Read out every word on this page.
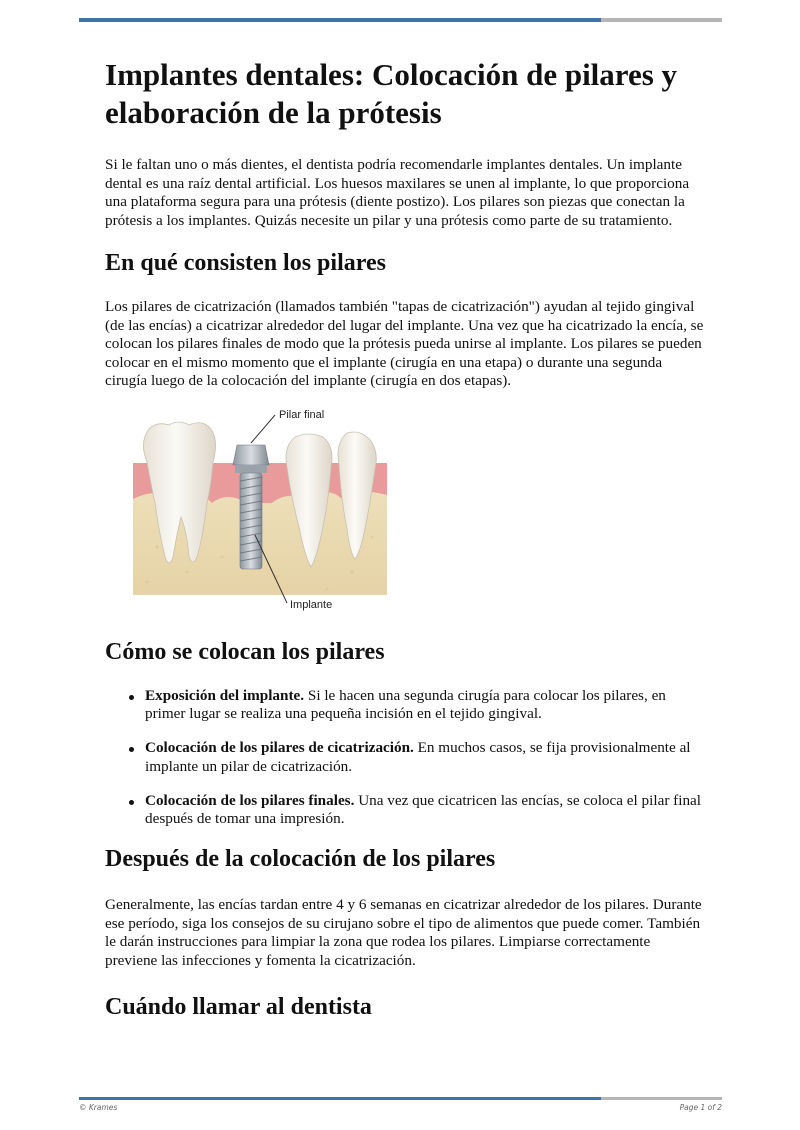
Implantes dentales: Colocación de pilares y elaboración de la prótesis

Si le faltan uno o más dientes, el dentista podría recomendarle implantes dentales. Un implante dental es una raíz dental artificial. Los huesos maxilares se unen al implante, lo que proporciona una plataforma segura para una prótesis (diente postizo). Los pilares son piezas que conectan la prótesis a los implantes. Quizás necesite un pilar y una prótesis como parte de su tratamiento.

En qué consisten los pilares

Los pilares de cicatrización (llamados también "tapas de cicatrización") ayudan al tejido gingival (de las encías) a cicatrizar alrededor del lugar del implante. Una vez que ha cicatrizado la encía, se colocan los pilares finales de modo que la prótesis pueda unirse al implante. Los pilares se pueden colocar en el mismo momento que el implante (cirugía en una etapa) o durante una segunda cirugía luego de la colocación del implante (cirugía en dos etapas).

Pilar final
Implante
Cómo se colocan los pilares
Exposición del implante. Si le hacen una segunda cirugía para colocar los pilares, en primer lugar se realiza una pequeña incisión en el tejido gingival.
Colocación de los pilares de cicatrización. En muchos casos, se fija provisionalmente al implante un pilar de cicatrización.
Colocación de los pilares finales. Una vez que cicatricen las encías, se coloca el pilar final después de tomar una impresión.
Después de la colocación de los pilares

Generalmente, las encías tardan entre 4 y 6 semanas en cicatrizar alrededor de los pilares. Durante ese período, siga los consejos de su cirujano sobre el tipo de alimentos que puede comer. También le darán instrucciones para limpiar la zona que rodea los pilares. Limpiarse correctamente previene las infecciones y fomenta la cicatrización.

Cuándo llamar al dentista
© Krames	Page 1 of 2
